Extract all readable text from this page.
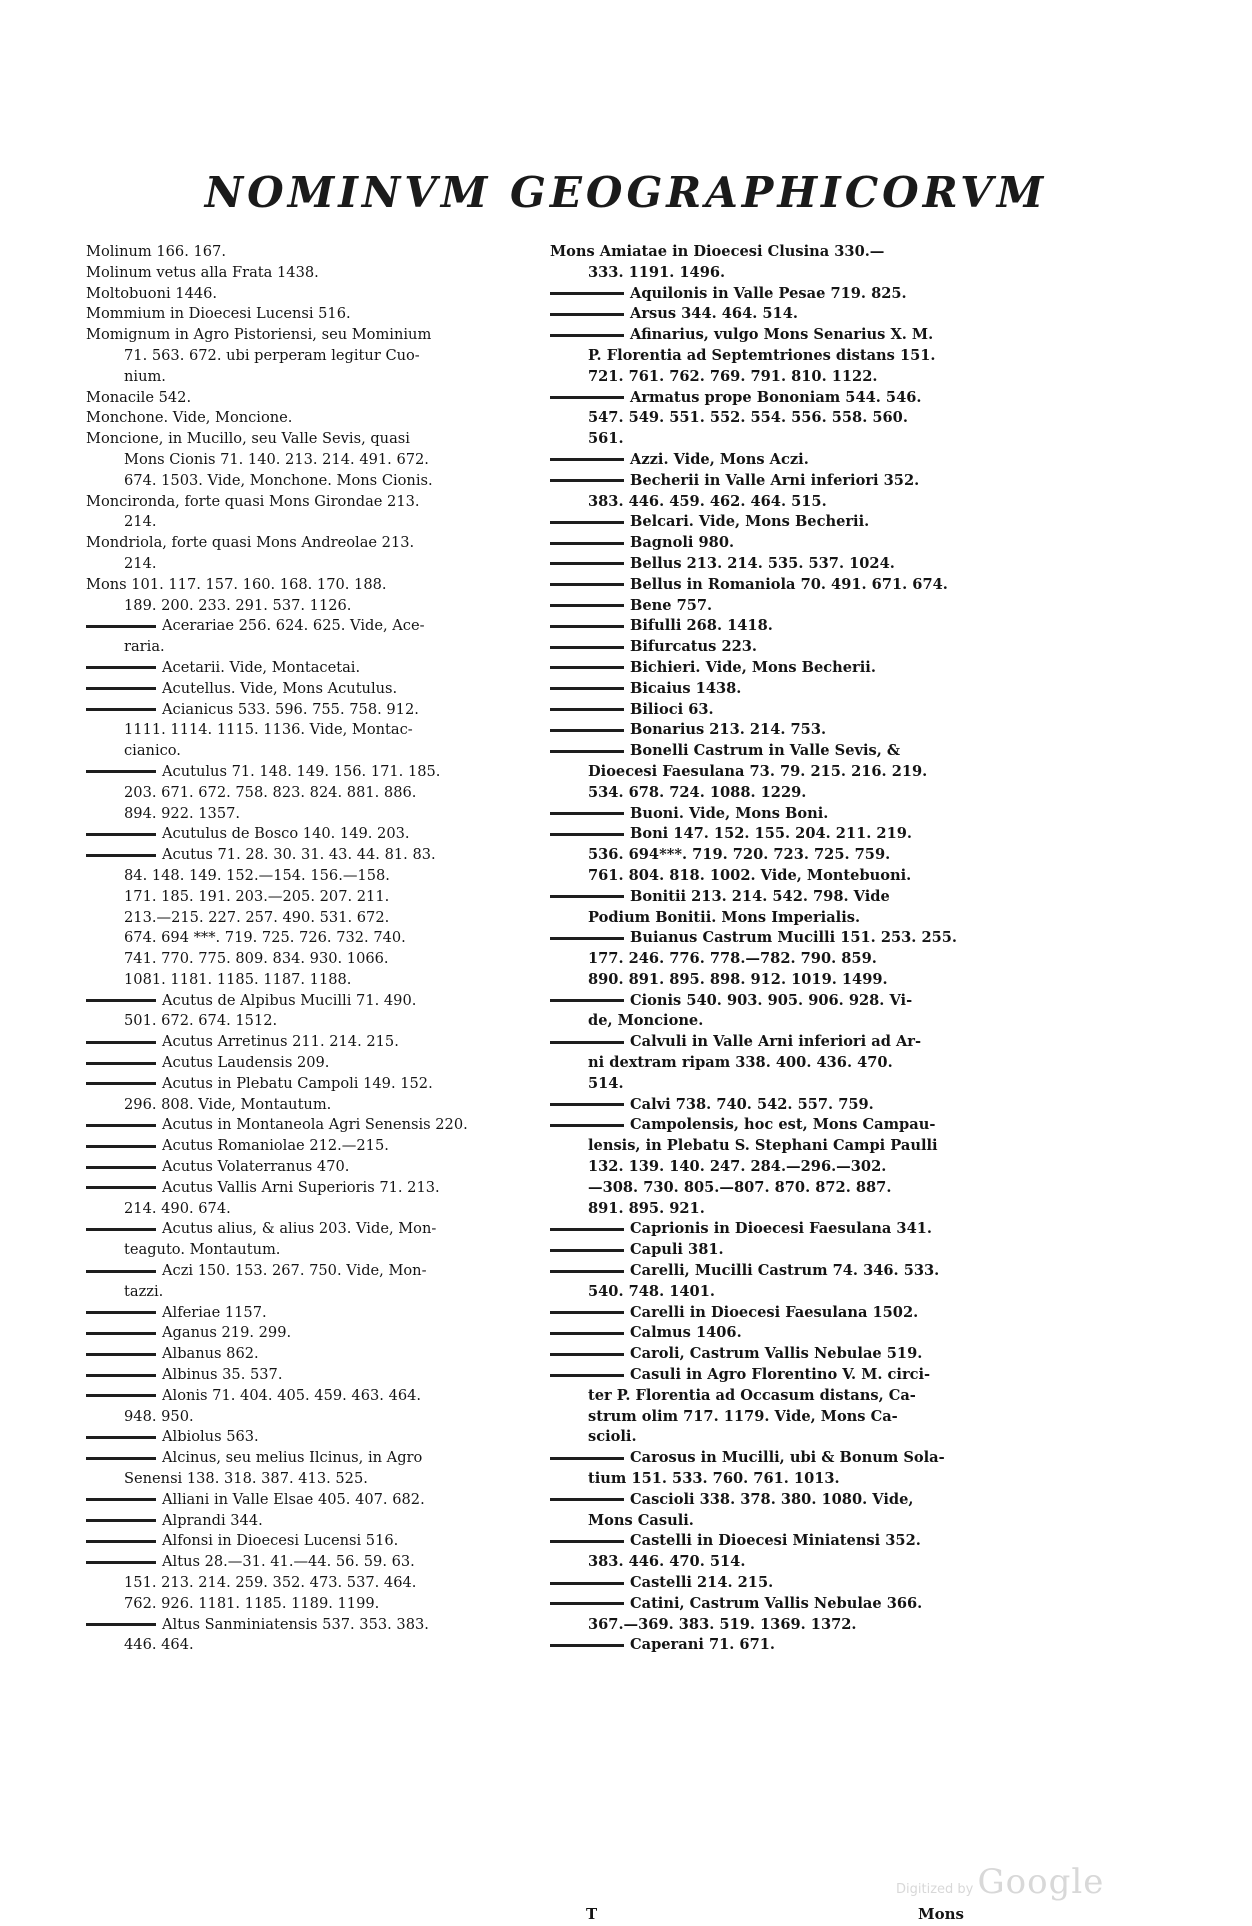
NOMINVM GEOGRAPHICORVM
Molinum 166. 167.
Molinum vetus alla Frata 1438.
Moltobuoni 1446.
Mommium in Dioecesi Lucensi 516.
Momignum in Agro Pistoriensi, seu Mominium
71. 563. 672. ubi perperam legitur Cuo-
nium.
Monacile 542.
Monchone. Vide, Moncione.
Moncione, in Mucillo, seu Valle Sevis, quasi
Mons Cionis 71. 140. 213. 214. 491. 672.
674. 1503. Vide, Monchone. Mons Cionis.
Moncironda, forte quasi Mons Girondae 213.
214.
Mondriola, forte quasi Mons Andreolae 213.
214.
Mons 101. 117. 157. 160. 168. 170. 188.
189. 200. 233. 291. 537. 1126.
Acerariae 256. 624. 625. Vide, Ace-
raria.
Acetarii. Vide, Montacetai.
Acutellus. Vide, Mons Acutulus.
Acianicus 533. 596. 755. 758. 912.
1111. 1114. 1115. 1136. Vide, Montac-
cianico.
Acutulus 71. 148. 149. 156. 171. 185.
203. 671. 672. 758. 823. 824. 881. 886.
894. 922. 1357.
Acutulus de Bosco 140. 149. 203.
Acutus 71. 28. 30. 31. 43. 44. 81. 83.
84. 148. 149. 152.—154. 156.—158.
171. 185. 191. 203.—205. 207. 211.
213.—215. 227. 257. 490. 531. 672.
674. 694 ***. 719. 725. 726. 732. 740.
741. 770. 775. 809. 834. 930. 1066.
1081. 1181. 1185. 1187. 1188.
Acutus de Alpibus Mucilli 71. 490.
501. 672. 674. 1512.
Acutus Arretinus 211. 214. 215.
Acutus Laudensis 209.
Acutus in Plebatu Campoli 149. 152.
296. 808. Vide, Montautum.
Acutus in Montaneola Agri Senensis 220.
Acutus Romaniolae 212.—215.
Acutus Volaterranus 470.
Acutus Vallis Arni Superioris 71. 213.
214. 490. 674.
Acutus alius, & alius 203. Vide, Mon-
teaguto. Montautum.
Aczi 150. 153. 267. 750. Vide, Mon-
tazzi.
Alferiae 1157.
Aganus 219. 299.
Albanus 862.
Albinus 35. 537.
Alonis 71. 404. 405. 459. 463. 464.
948. 950.
Albiolus 563.
Alcinus, seu melius Ilcinus, in Agro
Senensi 138. 318. 387. 413. 525.
Alliani in Valle Elsae 405. 407. 682.
Alprandi 344.
Alfonsi in Dioecesi Lucensi 516.
Altus 28.—31. 41.—44. 56. 59. 63.
151. 213. 214. 259. 352. 473. 537. 464.
762. 926. 1181. 1185. 1189. 1199.
Altus Sanminiatensis 537. 353. 383.
446. 464.
Mons Amiatae in Dioecesi Clusina 330.—
333. 1191. 1496.
Aquilonis in Valle Pesae 719. 825.
Arsus 344. 464. 514.
Afinarius, vulgo Mons Senarius X. M.
P. Florentia ad Septemtriones distans 151.
721. 761. 762. 769. 791. 810. 1122.
Armatus prope Bononiam 544. 546.
547. 549. 551. 552. 554. 556. 558. 560.
561.
Azzi. Vide, Mons Aczi.
Becherii in Valle Arni inferiori 352.
383. 446. 459. 462. 464. 515.
Belcari. Vide, Mons Becherii.
Bagnoli 980.
Bellus 213. 214. 535. 537. 1024.
Bellus in Romaniola 70. 491. 671. 674.
Bene 757.
Bifulli 268. 1418.
Bifurcatus 223.
Bichieri. Vide, Mons Becherii.
Bicaius 1438.
Bilioci 63.
Bonarius 213. 214. 753.
Bonelli Castrum in Valle Sevis, &
Dioecesi Faesulana 73. 79. 215. 216. 219.
534. 678. 724. 1088. 1229.
Buoni. Vide, Mons Boni.
Boni 147. 152. 155. 204. 211. 219.
536. 694***. 719. 720. 723. 725. 759.
761. 804. 818. 1002. Vide, Montebuoni.
Bonitii 213. 214. 542. 798. Vide
Podium Bonitii. Mons Imperialis.
Buianus Castrum Mucilli 151. 253. 255.
177. 246. 776. 778.—782. 790. 859.
890. 891. 895. 898. 912. 1019. 1499.
Cionis 540. 903. 905. 906. 928. Vi-
de, Moncione.
Calvuli in Valle Arni inferiori ad Ar-
ni dextram ripam 338. 400. 436. 470.
514.
Calvi 738. 740. 542. 557. 759.
Campolensis, hoc est, Mons Campau-
lensis, in Plebatu S. Stephani Campi Paulli
132. 139. 140. 247. 284.—296.—302.
—308. 730. 805.—807. 870. 872. 887.
891. 895. 921.
Caprionis in Dioecesi Faesulana 341.
Capuli 381.
Carelli, Mucilli Castrum 74. 346. 533.
540. 748. 1401.
Carelli in Dioecesi Faesulana 1502.
Calmus 1406.
Caroli, Castrum Vallis Nebulae 519.
Casuli in Agro Florentino V. M. circi-
ter P. Florentia ad Occasum distans, Ca-
strum olim 717. 1179. Vide, Mons Ca-
scioli.
Carosus in Mucilli, ubi & Bonum Sola-
tium 151. 533. 760. 761. 1013.
Cascioli 338. 378. 380. 1080. Vide,
Mons Casuli.
Castelli in Dioecesi Miniatensi 352.
383. 446. 470. 514.
Castelli 214. 215.
Catini, Castrum Vallis Nebulae 366.
367.—369. 383. 519. 1369. 1372.
Caperani 71. 671.
T	Mons
Digitized by Google
